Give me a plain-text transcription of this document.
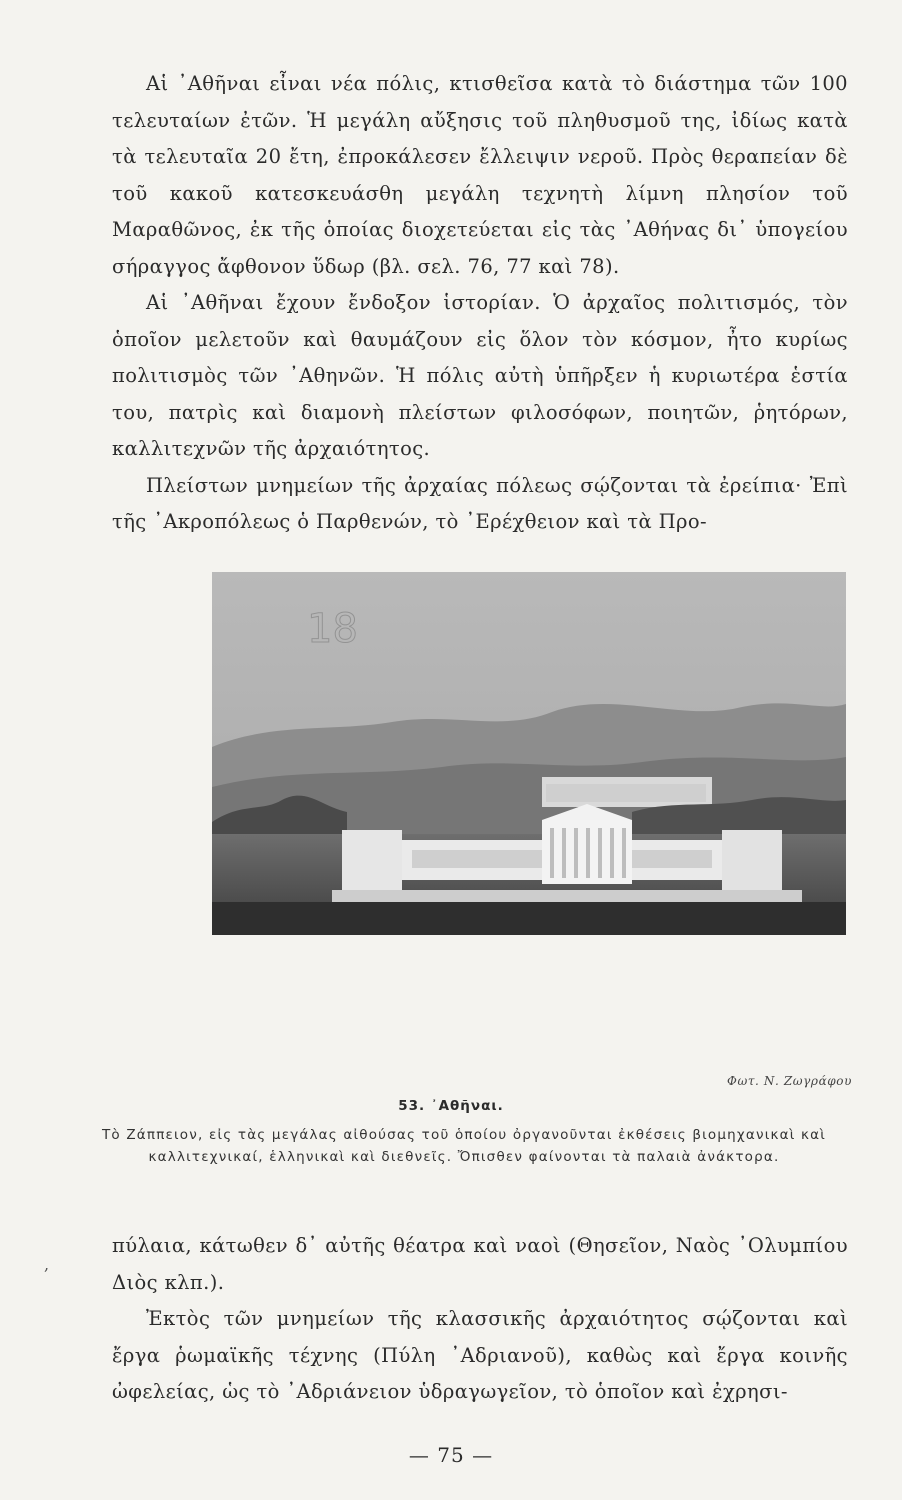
Αἱ ᾿Αθῆναι εἶναι νέα πόλις, κτισθεῖσα κατὰ τὸ διάστημα τῶν 100 τελευταίων ἐτῶν. Ἡ μεγάλη αὔξησις τοῦ πληθυσμοῦ της, ἰδίως κατὰ τὰ τελευταῖα 20 ἔτη, ἐπροκάλεσεν ἔλλειψιν νεροῦ. Πρὸς θεραπείαν δὲ τοῦ κακοῦ κατεσκευάσθη μεγάλη τεχνητὴ λίμνη πλησίον τοῦ Μαραθῶνος, ἐκ τῆς ὁποίας διοχετεύεται εἰς τὰς ᾿Αθήνας δι᾿ ὑπογείου σήραγγος ἄφθονον ὕδωρ (βλ. σελ. 76, 77 καὶ 78).

Αἱ ᾿Αθῆναι ἔχουν ἔνδοξον ἱστορίαν. Ὁ ἀρχαῖος πολιτισμός, τὸν ὁποῖον μελετοῦν καὶ θαυμάζουν εἰς ὅλον τὸν κόσμον, ἦτο κυρίως πολιτισμὸς τῶν ᾿Αθηνῶν. Ἡ πόλις αὐτὴ ὑπῆρξεν ἡ κυριωτέρα ἑστία του, πατρὶς καὶ διαμονὴ πλείστων φιλοσόφων, ποιητῶν, ῥητόρων, καλλιτεχνῶν τῆς ἀρχαιότητος.

Πλείστων μνημείων τῆς ἀρχαίας πόλεως σῴζονται τὰ ἐρείπια· Ἐπὶ τῆς ᾿Ακροπόλεως ὁ Παρθενών, τὸ ᾿Ερέχθειον καὶ τὰ Προ-

18
Φωτ. Ν. Ζωγράφου
53. ᾿Αθῆναι.
Τὸ Ζάππειον, εἰς τὰς μεγάλας αἰθούσας τοῦ ὁποίου ὀργανοῦνται ἐκθέσεις βιομηχανικαὶ καὶ καλλιτεχνικαί, ἑλληνικαὶ καὶ διεθνεῖς. Ὄπισθεν φαίνονται τὰ παλαιὰ ἀνάκτορα.
,

πύλαια, κάτωθεν δ᾿ αὐτῆς θέατρα καὶ ναοὶ (Θησεῖον, Ναὸς ᾿Ολυμπίου Διὸς κλπ.).

Ἐκτὸς τῶν μνημείων τῆς κλασσικῆς ἀρχαιότητος σῴζονται καὶ ἔργα ῥωμαϊκῆς τέχνης (Πύλη ᾿Αδριανοῦ), καθὼς καὶ ἔργα κοινῆς ὠφελείας, ὡς τὸ ᾿Αδριάνειον ὑδραγωγεῖον, τὸ ὁποῖον καὶ ἐχρησι-

— 75 —
